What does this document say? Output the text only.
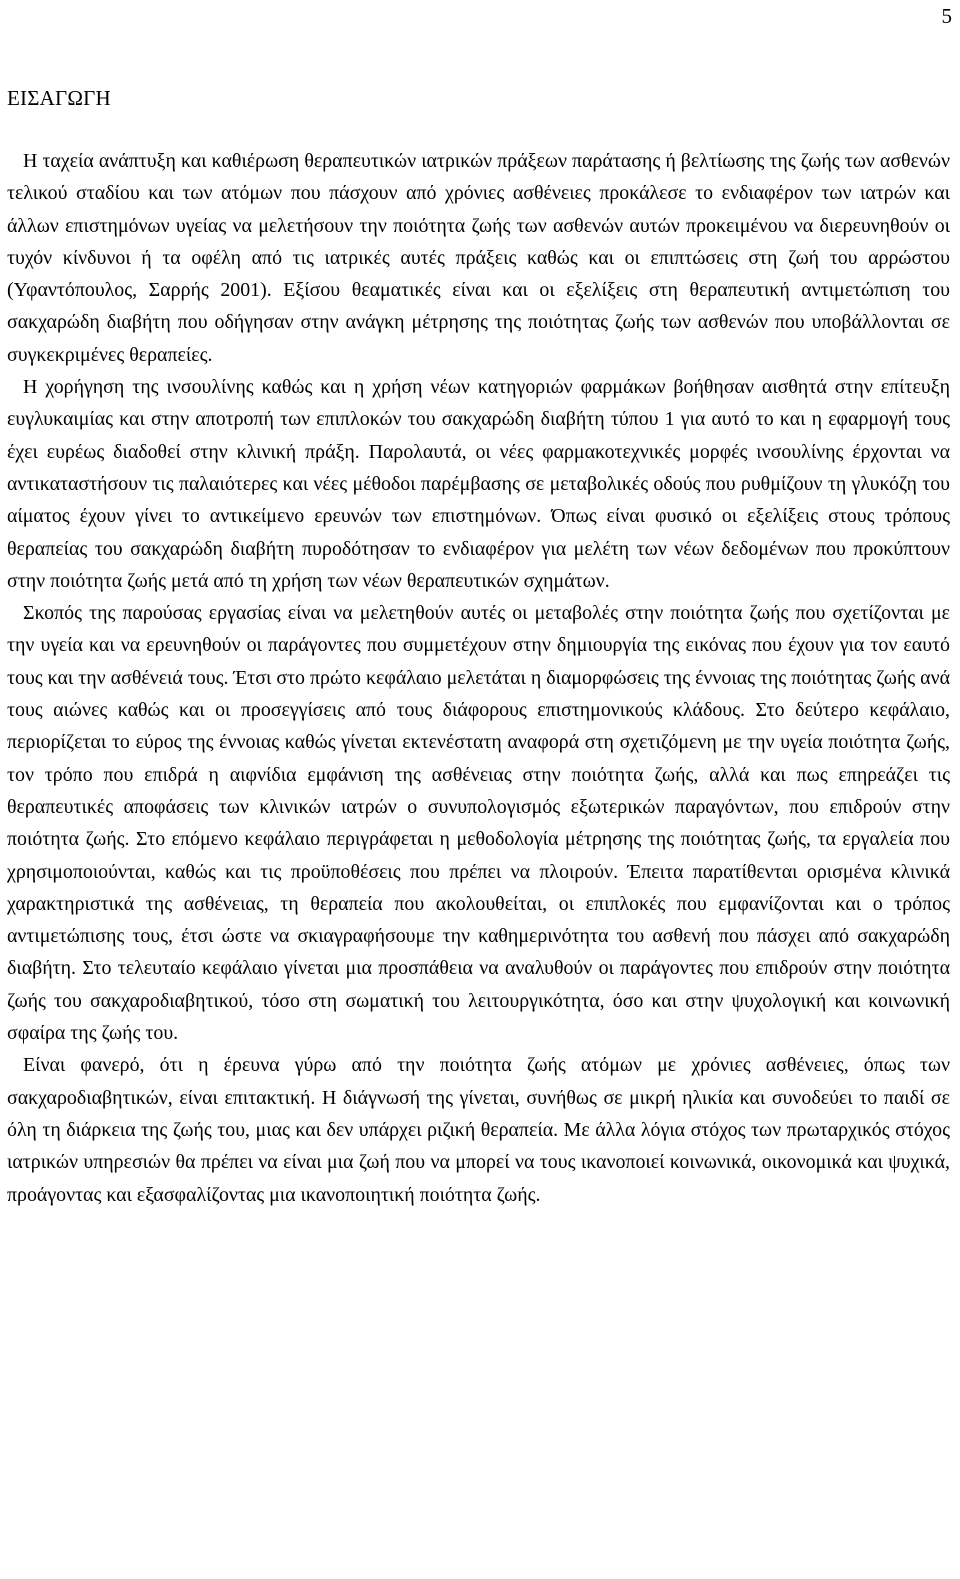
5
ΕΙΣΑΓΩΓΗ

Η ταχεία ανάπτυξη και καθιέρωση θεραπευτικών ιατρικών πράξεων παράτασης ή βελτίωσης της ζωής των ασθενών τελικού σταδίου και των ατόμων που πάσχουν από χρόνιες ασθένειες προκάλεσε το ενδιαφέρον των ιατρών και άλλων επιστημόνων υγείας να μελετήσουν την ποιότητα ζωής των ασθενών αυτών προκειμένου να διερευνηθούν οι τυχόν κίνδυνοι ή τα οφέλη από τις ιατρικές αυτές πράξεις καθώς και οι επιπτώσεις στη ζωή του αρρώστου (Υφαντόπουλος, Σαρρής 2001). Εξίσου θεαματικές είναι και οι εξελίξεις στη θεραπευτική αντιμετώπιση του σακχαρώδη διαβήτη που οδήγησαν στην ανάγκη μέτρησης της ποιότητας ζωής των ασθενών που υποβάλλονται σε συγκεκριμένες θεραπείες.

Η χορήγηση της ινσουλίνης καθώς και η χρήση νέων κατηγοριών φαρμάκων βοήθησαν αισθητά στην επίτευξη ευγλυκαιμίας και στην αποτροπή των επιπλοκών του σακχαρώδη διαβήτη τύπου 1 για αυτό το και η εφαρμογή τους έχει ευρέως διαδοθεί στην κλινική πράξη. Παρολαυτά, οι νέες φαρμακοτεχνικές μορφές ινσουλίνης έρχονται να αντικαταστήσουν τις παλαιότερες και νέες μέθοδοι παρέμβασης σε μεταβολικές οδούς που ρυθμίζουν τη γλυκόζη του αίματος έχουν γίνει το αντικείμενο ερευνών των επιστημόνων. Όπως είναι φυσικό οι εξελίξεις στους τρόπους θεραπείας του σακχαρώδη διαβήτη πυροδότησαν το ενδιαφέρον για μελέτη των νέων δεδομένων που προκύπτουν στην ποιότητα ζωής μετά από τη χρήση των νέων θεραπευτικών σχημάτων.

Σκοπός της παρούσας εργασίας είναι να μελετηθούν αυτές οι μεταβολές στην ποιότητα ζωής που σχετίζονται με την υγεία και να ερευνηθούν οι παράγοντες που συμμετέχουν στην δημιουργία της εικόνας που έχουν για τον εαυτό τους και την ασθένειά τους. Έτσι στο πρώτο κεφάλαιο μελετάται η διαμορφώσεις της έννοιας της ποιότητας ζωής ανά τους αιώνες καθώς και οι προσεγγίσεις από τους διάφορους επιστημονικούς κλάδους. Στο δεύτερο κεφάλαιο, περιορίζεται το εύρος της έννοιας καθώς γίνεται εκτενέστατη αναφορά στη σχετιζόμενη με την υγεία ποιότητα ζωής, τον τρόπο που επιδρά η αιφνίδια εμφάνιση της ασθένειας στην ποιότητα ζωής, αλλά και πως επηρεάζει τις θεραπευτικές αποφάσεις των κλινικών ιατρών ο συνυπολογισμός εξωτερικών παραγόντων, που επιδρούν στην ποιότητα ζωής. Στο επόμενο κεφάλαιο περιγράφεται η μεθοδολογία μέτρησης της ποιότητας ζωής, τα εργαλεία που χρησιμοποιούνται, καθώς και τις προϋποθέσεις που πρέπει να πλοιρούν. Έπειτα παρατίθενται ορισμένα κλινικά χαρακτηριστικά της ασθένειας, τη θεραπεία που ακολουθείται, οι επιπλοκές που εμφανίζονται και ο τρόπος αντιμετώπισης τους, έτσι ώστε να σκιαγραφήσουμε την καθημερινότητα του ασθενή που πάσχει από σακχαρώδη διαβήτη. Στο τελευταίο κεφάλαιο γίνεται μια προσπάθεια να αναλυθούν οι παράγοντες που επιδρούν στην ποιότητα ζωής του σακχαροδιαβητικού, τόσο στη σωματική του λειτουργικότητα, όσο και στην ψυχολογική και κοινωνική σφαίρα της ζωής του.

Είναι φανερό, ότι η έρευνα γύρω από την ποιότητα ζωής ατόμων με χρόνιες ασθένειες, όπως των σακχαροδιαβητικών, είναι επιτακτική. Η διάγνωσή της γίνεται, συνήθως σε μικρή ηλικία και συνοδεύει το παιδί σε όλη τη διάρκεια της ζωής του, μιας και δεν υπάρχει ριζική θεραπεία. Με άλλα λόγια στόχος των πρωταρχικός στόχος ιατρικών υπηρεσιών θα πρέπει να είναι μια ζωή που να μπορεί να τους ικανοποιεί κοινωνικά, οικονομικά και ψυχικά, προάγοντας και εξασφαλίζοντας μια ικανοποιητική ποιότητα ζωής.
